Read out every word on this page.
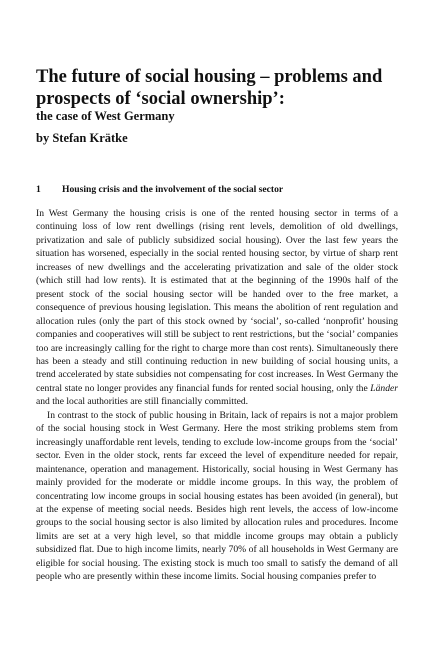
The future of social housing – problems and prospects of ‘social ownership’:
the case of West Germany
by Stefan Krätke
1 Housing crisis and the involvement of the social sector

In West Germany the housing crisis is one of the rented housing sector in terms of a continuing loss of low rent dwellings (rising rent levels, demolition of old dwellings, privatization and sale of publicly subsidized social housing). Over the last few years the situation has worsened, especially in the social rented housing sector, by virtue of sharp rent increases of new dwellings and the accelerating privatization and sale of the older stock (which still had low rents). It is estimated that at the beginning of the 1990s half of the present stock of the social housing sector will be handed over to the free market, a consequence of previous housing legislation. This means the abolition of rent regulation and allocation rules (only the part of this stock owned by ‘social’, so-called ‘nonprofit’ housing companies and cooperatives will still be subject to rent restrictions, but the ‘social’ companies too are increasingly calling for the right to charge more than cost rents). Simultaneously there has been a steady and still continuing reduction in new building of social housing units, a trend accelerated by state subsidies not compensating for cost increases. In West Germany the central state no longer provides any financial funds for rented social housing, only the Länder and the local authorities are still financially committed.

In contrast to the stock of public housing in Britain, lack of repairs is not a major problem of the social housing stock in West Germany. Here the most striking problems stem from increasingly unaffordable rent levels, tending to exclude low-income groups from the ‘social’ sector. Even in the older stock, rents far exceed the level of expenditure needed for repair, maintenance, operation and management. Historically, social housing in West Germany has mainly provided for the moderate or middle income groups. In this way, the problem of concentrating low income groups in social housing estates has been avoided (in general), but at the expense of meeting social needs. Besides high rent levels, the access of low-income groups to the social housing sector is also limited by allocation rules and procedures. Income limits are set at a very high level, so that middle income groups may obtain a publicly subsidized flat. Due to high income limits, nearly 70% of all households in West Germany are eligible for social housing. The existing stock is much too small to satisfy the demand of all people who are presently within these income limits. Social housing companies prefer to
